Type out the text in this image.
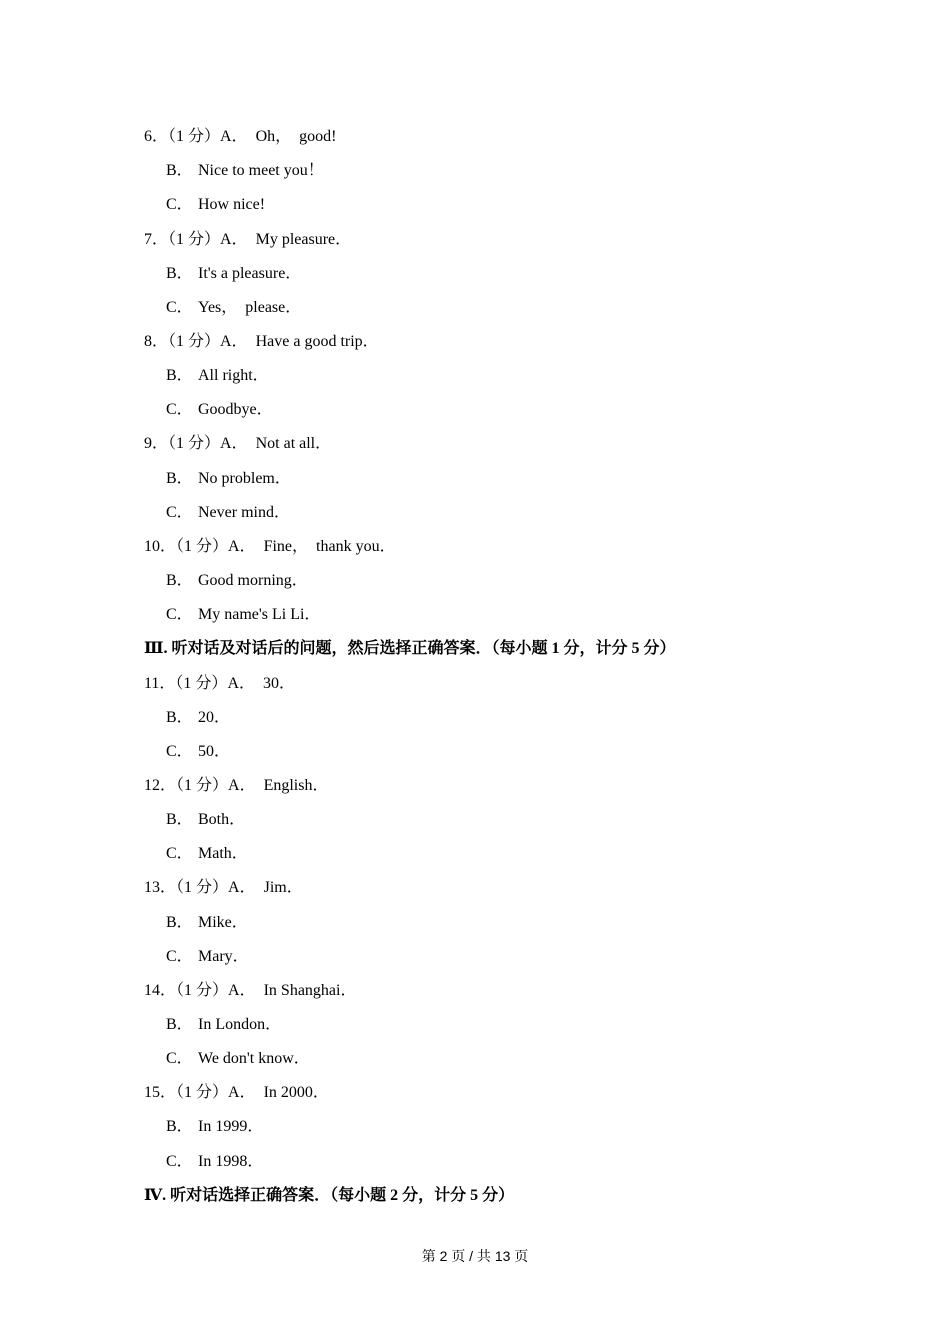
6．（1 分）A．  Oh，  good!
B． Nice to meet you！
C． How nice!
7．（1 分）A．  My pleasure．
B． It's a pleasure．
C． Yes，  please．
8．（1 分）A．  Have a good trip．
B． All right．
C． Goodbye．
9．（1 分）A．  Not at all．
B． No problem．
C． Never mind．
10．（1 分）A．  Fine，  thank you．
B． Good morning．
C． My name's Li Li．
Ⅲ. 听对话及对话后的问题，然后选择正确答案．（每小题 1 分，计分 5 分）
11．（1 分）A．  30．
B． 20．
C． 50．
12．（1 分）A．  English．
B． Both．
C． Math．
13．（1 分）A．  Jim．
B． Mike．
C． Mary．
14．（1 分）A．  In Shanghai．
B． In London．
C． We don't know．
15．（1 分）A．  In 2000．
B． In 1999．
C． In 1998．
Ⅳ. 听对话选择正确答案．（每小题 2 分，计分 5 分）
第 2 页 / 共 13 页
